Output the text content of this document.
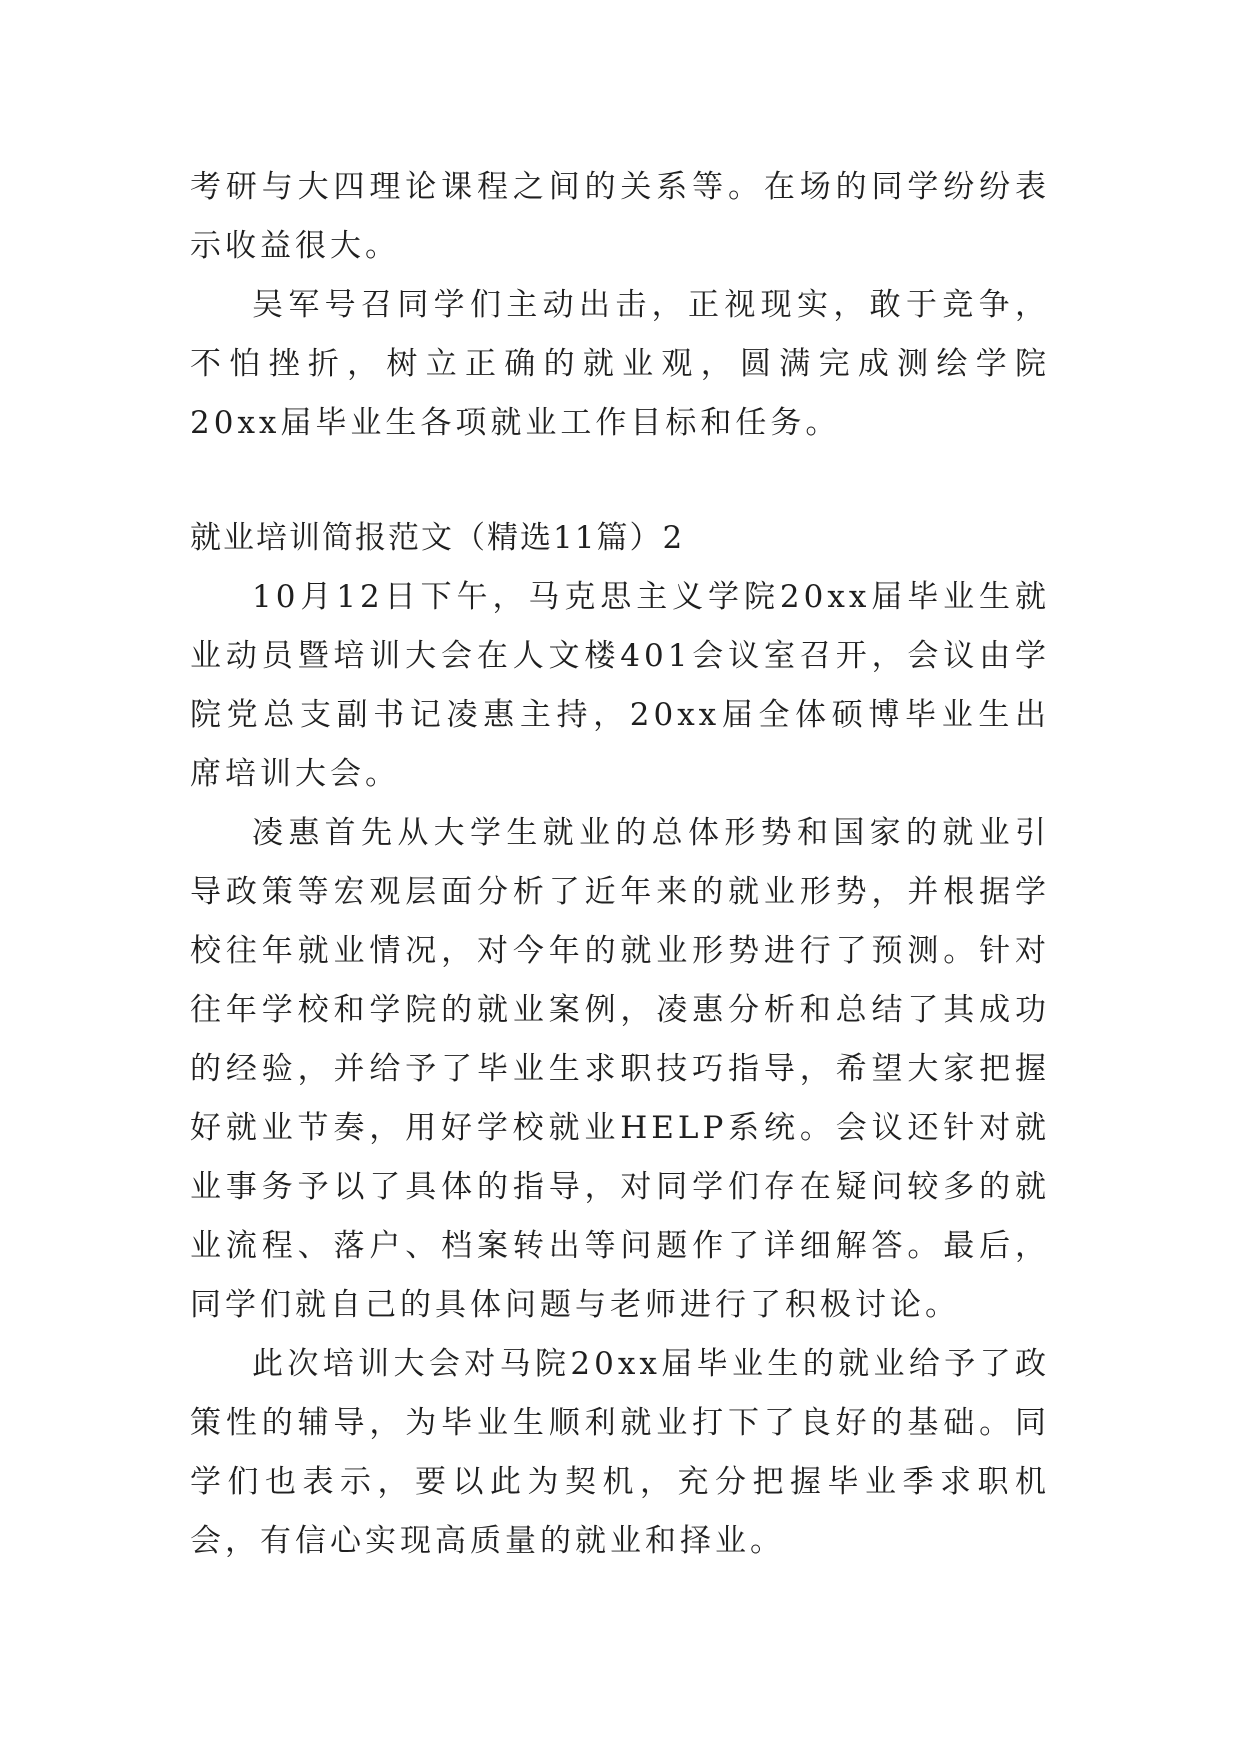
考研与大四理论课程之间的关系等。在场的同学纷纷表示收益很大。

吴军号召同学们主动出击，正视现实，敢于竞争，不怕挫折，树立正确的就业观，圆满完成测绘学院20xx届毕业生各项就业工作目标和任务。

就业培训简报范文（精选11篇）2

10月12日下午，马克思主义学院20xx届毕业生就业动员暨培训大会在人文楼401会议室召开，会议由学院党总支副书记凌惠主持，20xx届全体硕博毕业生出席培训大会。

凌惠首先从大学生就业的总体形势和国家的就业引导政策等宏观层面分析了近年来的就业形势，并根据学校往年就业情况，对今年的就业形势进行了预测。针对往年学校和学院的就业案例，凌惠分析和总结了其成功的经验，并给予了毕业生求职技巧指导，希望大家把握好就业节奏，用好学校就业HELP系统。会议还针对就业事务予以了具体的指导，对同学们存在疑问较多的就业流程、落户、档案转出等问题作了详细解答。最后，同学们就自己的具体问题与老师进行了积极讨论。

此次培训大会对马院20xx届毕业生的就业给予了政策性的辅导，为毕业生顺利就业打下了良好的基础。同学们也表示，要以此为契机，充分把握毕业季求职机会，有信心实现高质量的就业和择业。
